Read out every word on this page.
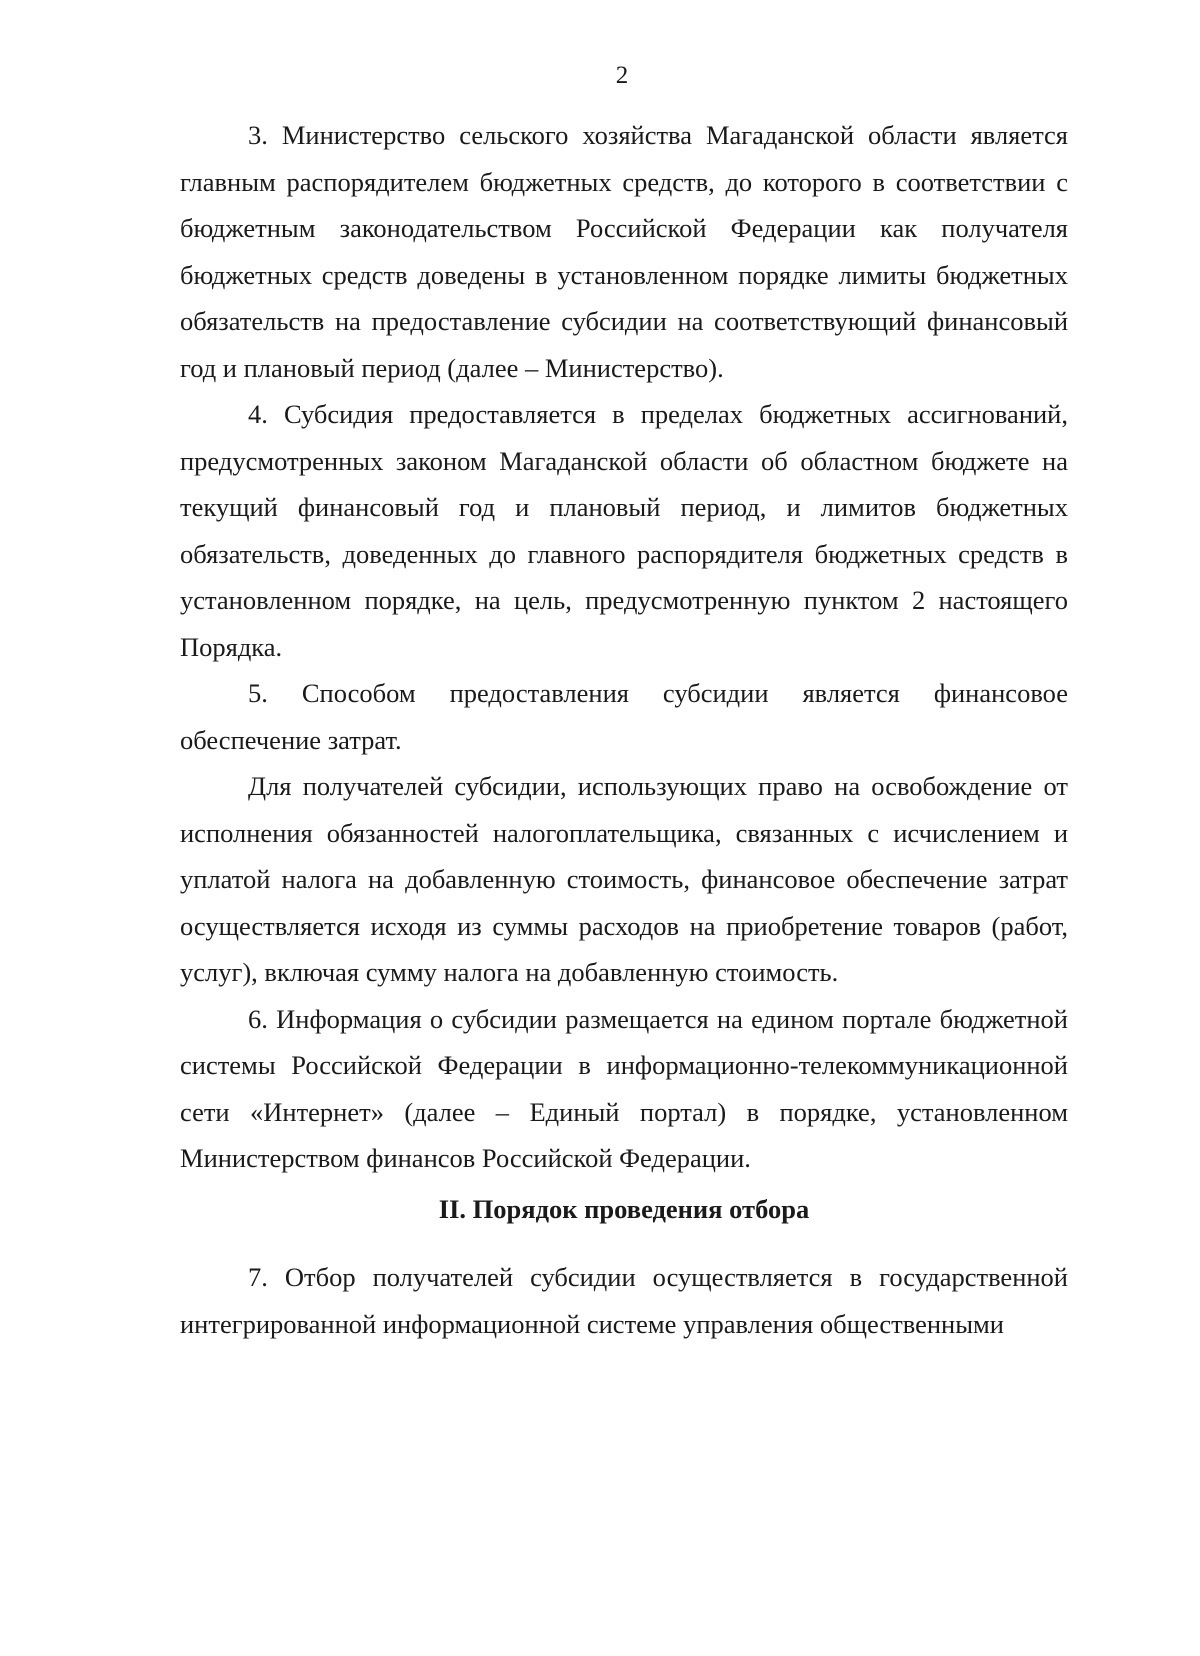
2

3. Министерство сельского хозяйства Магаданской области является главным распорядителем бюджетных средств, до которого в соответствии с бюджетным законодательством Российской Федерации как получателя бюджетных средств доведены в установленном порядке лимиты бюджетных обязательств на предоставление субсидии на соответствующий финансовый год и плановый период (далее – Министерство).

4. Субсидия предоставляется в пределах бюджетных ассигнований, предусмотренных законом Магаданской области об областном бюджете на текущий финансовый год и плановый период, и лимитов бюджетных обязательств, доведенных до главного распорядителя бюджетных средств в установленном порядке, на цель, предусмотренную пунктом 2 настоящего Порядка.

5. Способом предоставления субсидии является финансовое обеспечение затрат.

Для получателей субсидии, использующих право на освобождение от исполнения обязанностей налогоплательщика, связанных с исчислением и уплатой налога на добавленную стоимость, финансовое обеспечение затрат осуществляется исходя из суммы расходов на приобретение товаров (работ, услуг), включая сумму налога на добавленную стоимость.

6. Информация о субсидии размещается на едином портале бюджетной системы Российской Федерации в информационно-телекоммуникационной сети «Интернет» (далее – Единый портал) в порядке, установленном Министерством финансов Российской Федерации.

II. Порядок проведения отбора

7. Отбор получателей субсидии осуществляется в государственной интегрированной информационной системе управления общественными
